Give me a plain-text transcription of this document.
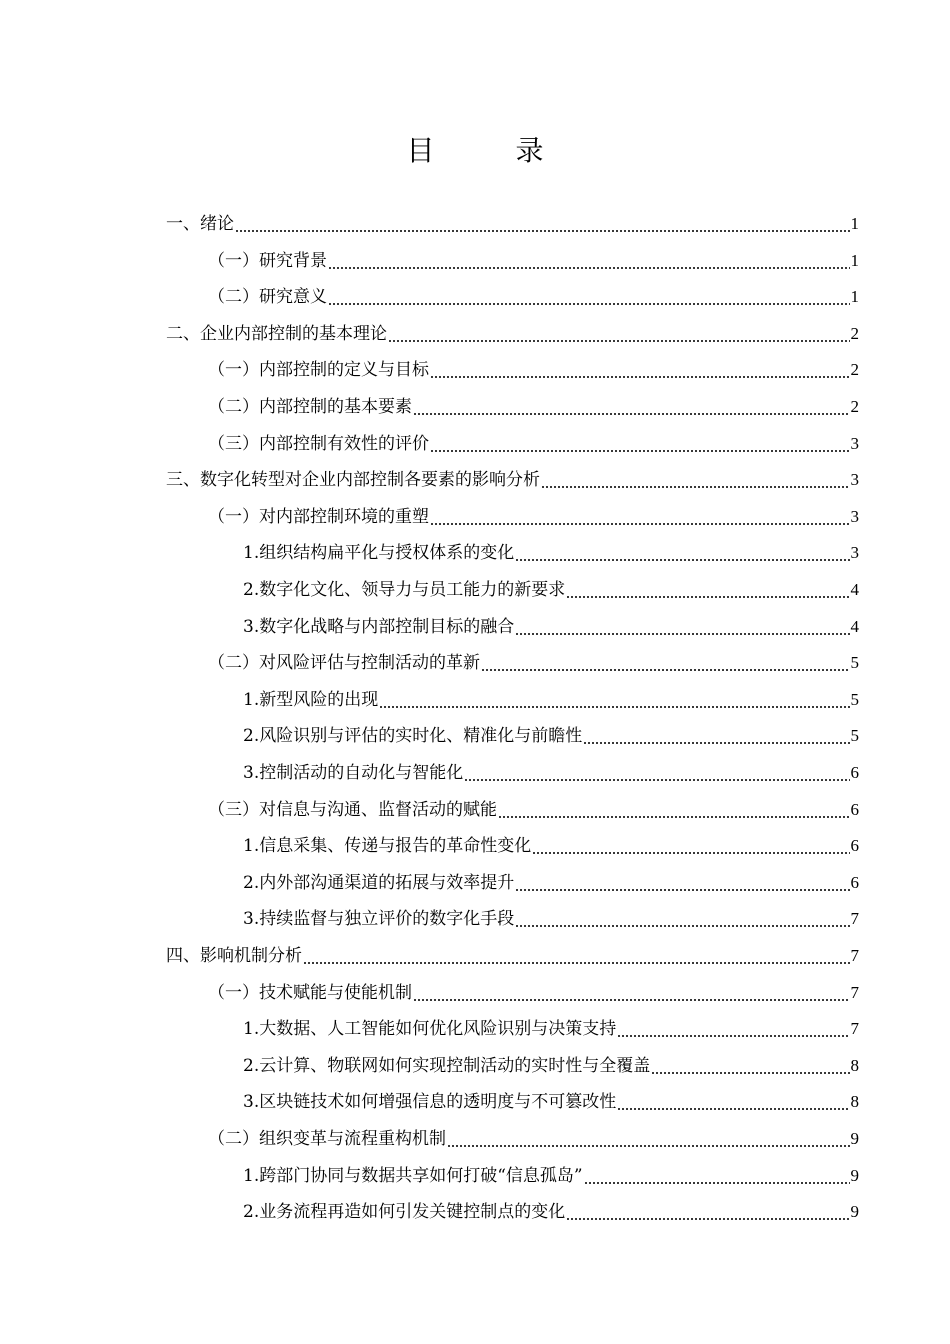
目 录
一、绪论	1
（一）研究背景	1
（二）研究意义	1
二、企业内部控制的基本理论	2
（一）内部控制的定义与目标	2
（二）内部控制的基本要素	2
（三）内部控制有效性的评价	3
三、数字化转型对企业内部控制各要素的影响分析	3
（一）对内部控制环境的重塑	3
1.组织结构扁平化与授权体系的变化	3
2.数字化文化、领导力与员工能力的新要求	4
3.数字化战略与内部控制目标的融合	4
（二）对风险评估与控制活动的革新	5
1.新型风险的出现	5
2.风险识别与评估的实时化、精准化与前瞻性	5
3.控制活动的自动化与智能化	6
（三）对信息与沟通、监督活动的赋能	6
1.信息采集、传递与报告的革命性变化	6
2.内外部沟通渠道的拓展与效率提升	6
3.持续监督与独立评价的数字化手段	7
四、影响机制分析	7
（一）技术赋能与使能机制	7
1.大数据、人工智能如何优化风险识别与决策支持	7
2.云计算、物联网如何实现控制活动的实时性与全覆盖	8
3.区块链技术如何增强信息的透明度与不可篡改性	8
（二）组织变革与流程重构机制	9
1.跨部门协同与数据共享如何打破“信息孤岛”	9
2.业务流程再造如何引发关键控制点的变化	9
